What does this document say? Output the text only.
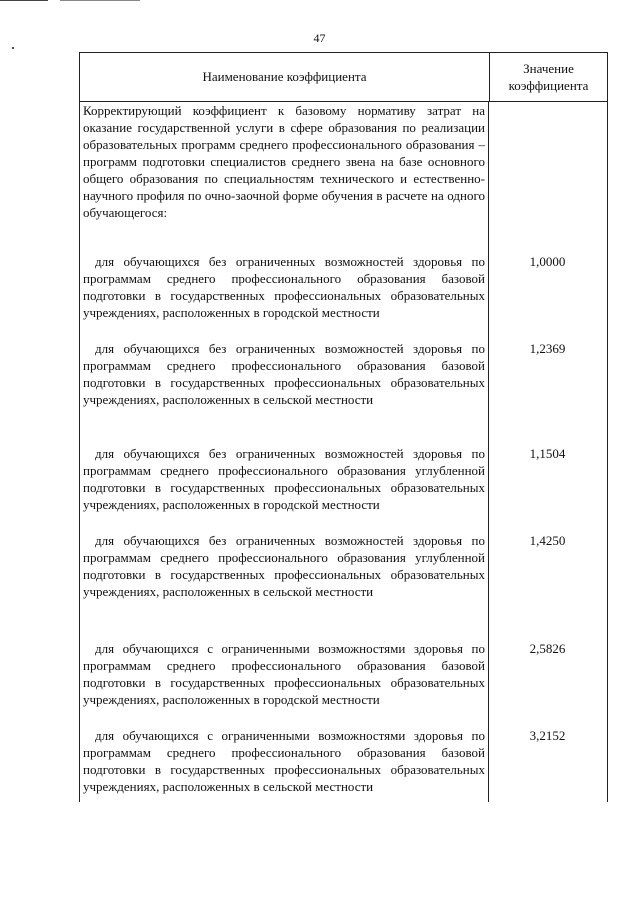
47
Наименование коэффициента
Значение коэффициента

Корректирующий коэффициент к базовому нормативу затрат на оказание государственной услуги в сфере образования по реализации образовательных программ среднего профессионального образования – программ подготовки специалистов среднего звена на базе основного общего образования по специальностям технического и естественно-научного профиля по очно-заочной форме обучения в расчете на одного обучающегося:

для обучающихся без ограниченных возможностей здоровья по программам среднего профессионального образования базовой подготовки в государственных профессиональных образовательных учреждениях, расположенных в городской местности

1,0000

для обучающихся без ограниченных возможностей здоровья по программам среднего профессионального образования базовой подготовки в государственных профессиональных образовательных учреждениях, расположенных в сельской местности

1,2369

для обучающихся без ограниченных возможностей здоровья по программам среднего профессионального образования углубленной подготовки в государственных профессиональных образовательных учреждениях, расположенных в городской местности

1,1504

для обучающихся без ограниченных возможностей здоровья по программам среднего профессионального образования углубленной подготовки в государственных профессиональных образовательных учреждениях, расположенных в сельской местности

1,4250

для обучающихся с ограниченными возможностями здоровья по программам среднего профессионального образования базовой подготовки в государственных профессиональных образовательных учреждениях, расположенных в городской местности

2,5826

для обучающихся с ограниченными возможностями здоровья по программам среднего профессионального образования базовой подготовки в государственных профессиональных образовательных учреждениях, расположенных в сельской местности

3,2152
